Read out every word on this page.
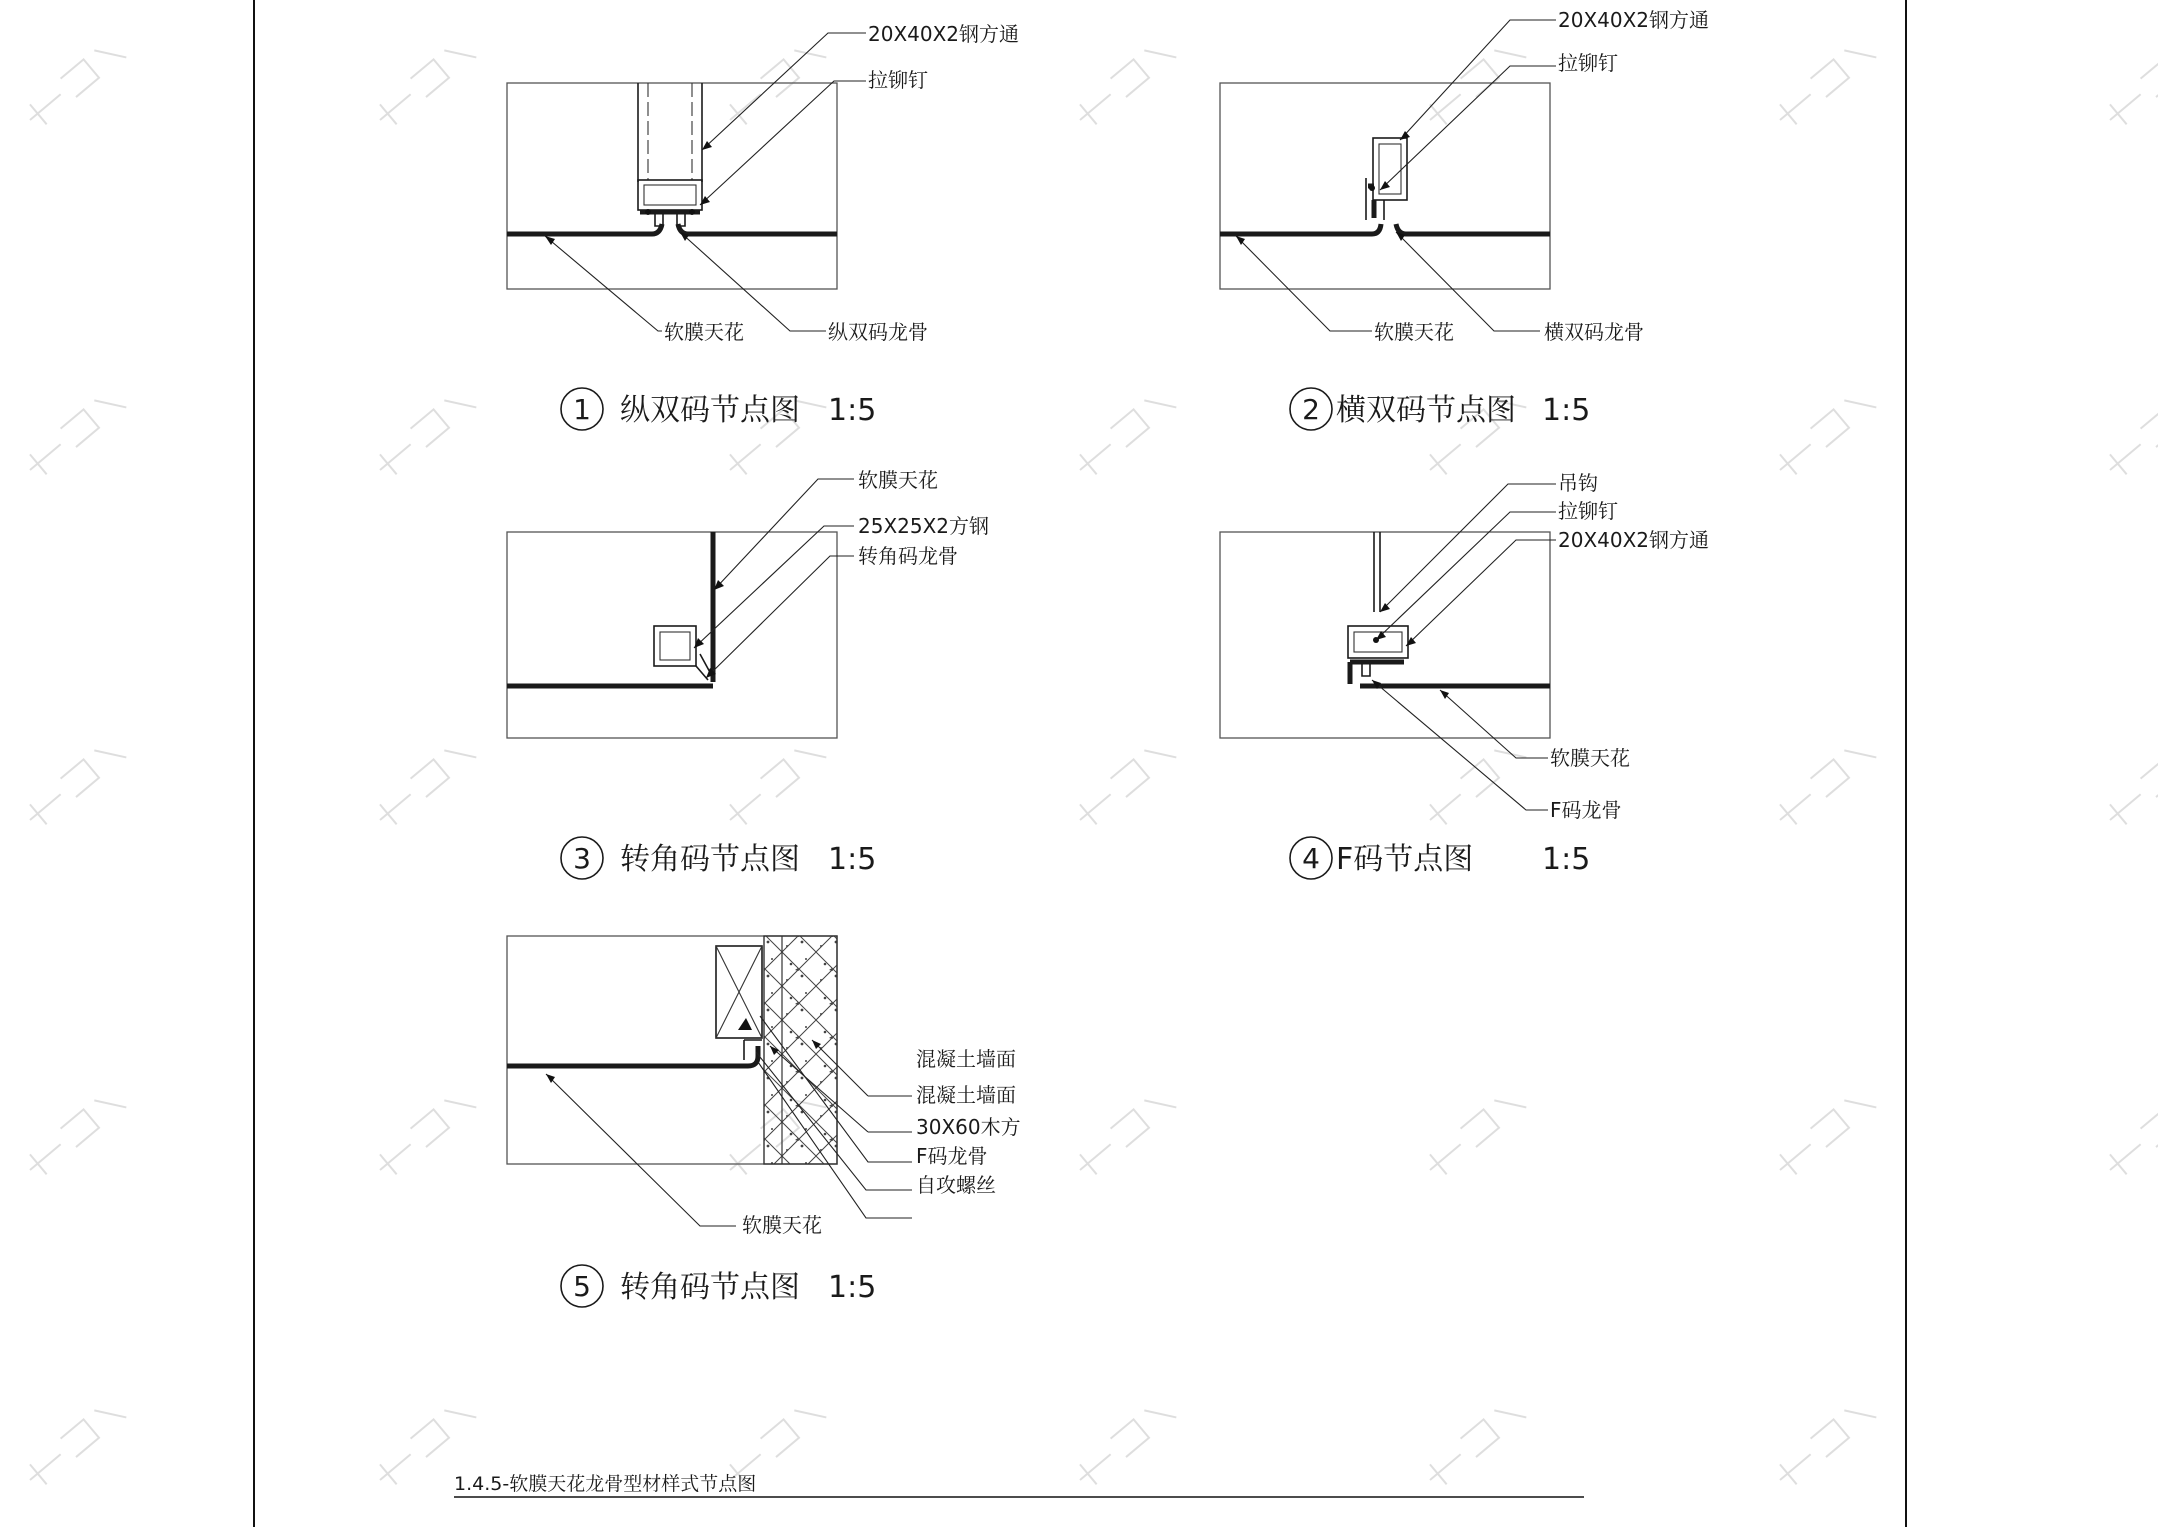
20X40X2钢方通
拉铆钉
软膜天花	纵双码龙骨
1 纵双码节点图 1:5
20X40X2钢方通
拉铆钉
软膜天花	横双码龙骨
2 横双码节点图 1:5
软膜天花
25X25X2方钢
转角码龙骨
3 转角码节点图 1:5
吊钩
拉铆钉
20X40X2钢方通
软膜天花
F码龙骨
4 F码节点图 1:5
混凝土墙面
混凝土墙面
30X60木方
F码龙骨
自攻螺丝
软膜天花
5 转角码节点图 1:5
1.4.5-软膜天花龙骨型材样式节点图
